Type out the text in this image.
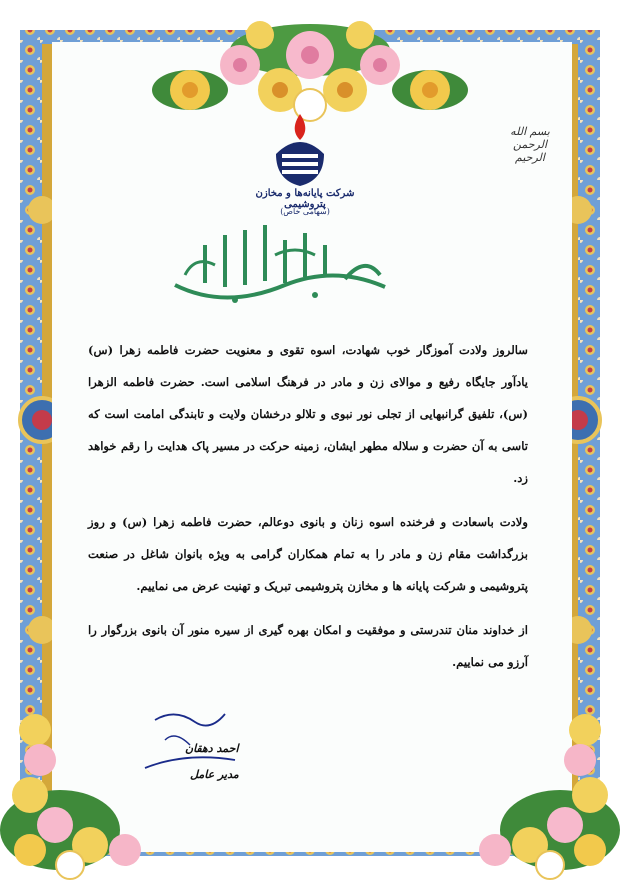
بسم الله الرحمن الرحیم
شرکت پایانه‌ها و مخازن پتروشیمی
(سهامی خاص)

سالروز ولادت آموزگار خوب شهادت، اسوه تقوی و معنویت حضرت فاطمه زهرا (س) یادآور جایگاه رفیع و موالای زن و مادر در فرهنگ اسلامی است. حضرت فاطمه الزهرا (س)، تلفیق گرانبهایی از تجلی نور نبوی و تلالو درخشان ولایت و تابندگی امامت است که تاسی به آن حضرت و سلاله مطهر ایشان، زمینه حرکت در مسیر پاک هدایت را رقم خواهد زد.

ولادت باسعادت و فرخنده اسوه زنان و بانوی دوعالم، حضرت فاطمه زهرا (س) و روز بزرگداشت مقام زن و مادر را به تمام همکاران گرامی به ویژه بانوان شاغل در صنعت پتروشیمی و شرکت پایانه ها و مخازن پتروشیمی تبریک و تهنیت عرض می نماییم.

از خداوند منان تندرستی و موفقیت و امکان بهره گیری از سیره منور آن بانوی بزرگوار را آرزو می نماییم.

احمد دهقان
مدیر عامل
